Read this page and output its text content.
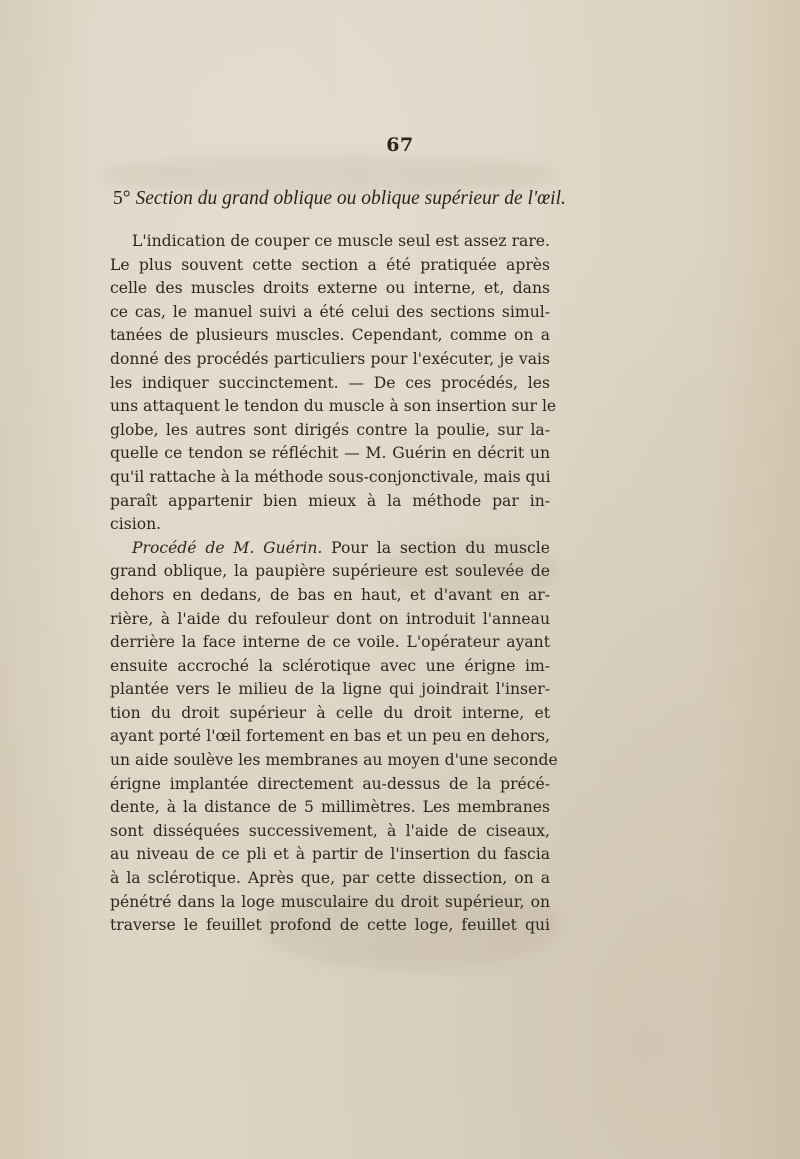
67
5° Section du grand oblique ou oblique supérieur de l'œil.
L'indication de couper ce muscle seul est assez rare.
Le plus souvent cette section a été pratiquée après
celle des muscles droits externe ou interne, et, dans
ce cas, le manuel suivi a été celui des sections simul-
tanées de plusieurs muscles. Cependant, comme on a
donné des procédés particuliers pour l'exécuter, je vais
les indiquer succinctement. — De ces procédés, les
uns attaquent le tendon du muscle à son insertion sur le
globe, les autres sont dirigés contre la poulie, sur la-
quelle ce tendon se réfléchit — M. Guérin en décrit un
qu'il rattache à la méthode sous-conjonctivale, mais qui
paraît appartenir bien mieux à la méthode par in-
cision.
Procédé de M. Guérin. Pour la section du muscle
grand oblique, la paupière supérieure est soulevée de
dehors en dedans, de bas en haut, et d'avant en ar-
rière, à l'aide du refouleur dont on introduit l'anneau
derrière la face interne de ce voile. L'opérateur ayant
ensuite accroché la sclérotique avec une érigne im-
plantée vers le milieu de la ligne qui joindrait l'inser-
tion du droit supérieur à celle du droit interne, et
ayant porté l'œil fortement en bas et un peu en dehors,
un aide soulève les membranes au moyen d'une seconde
érigne implantée directement au-dessus de la précé-
dente, à la distance de 5 millimètres. Les membranes
sont disséquées successivement, à l'aide de ciseaux,
au niveau de ce pli et à partir de l'insertion du fascia
à la sclérotique. Après que, par cette dissection, on a
pénétré dans la loge musculaire du droit supérieur, on
traverse le feuillet profond de cette loge, feuillet qui
